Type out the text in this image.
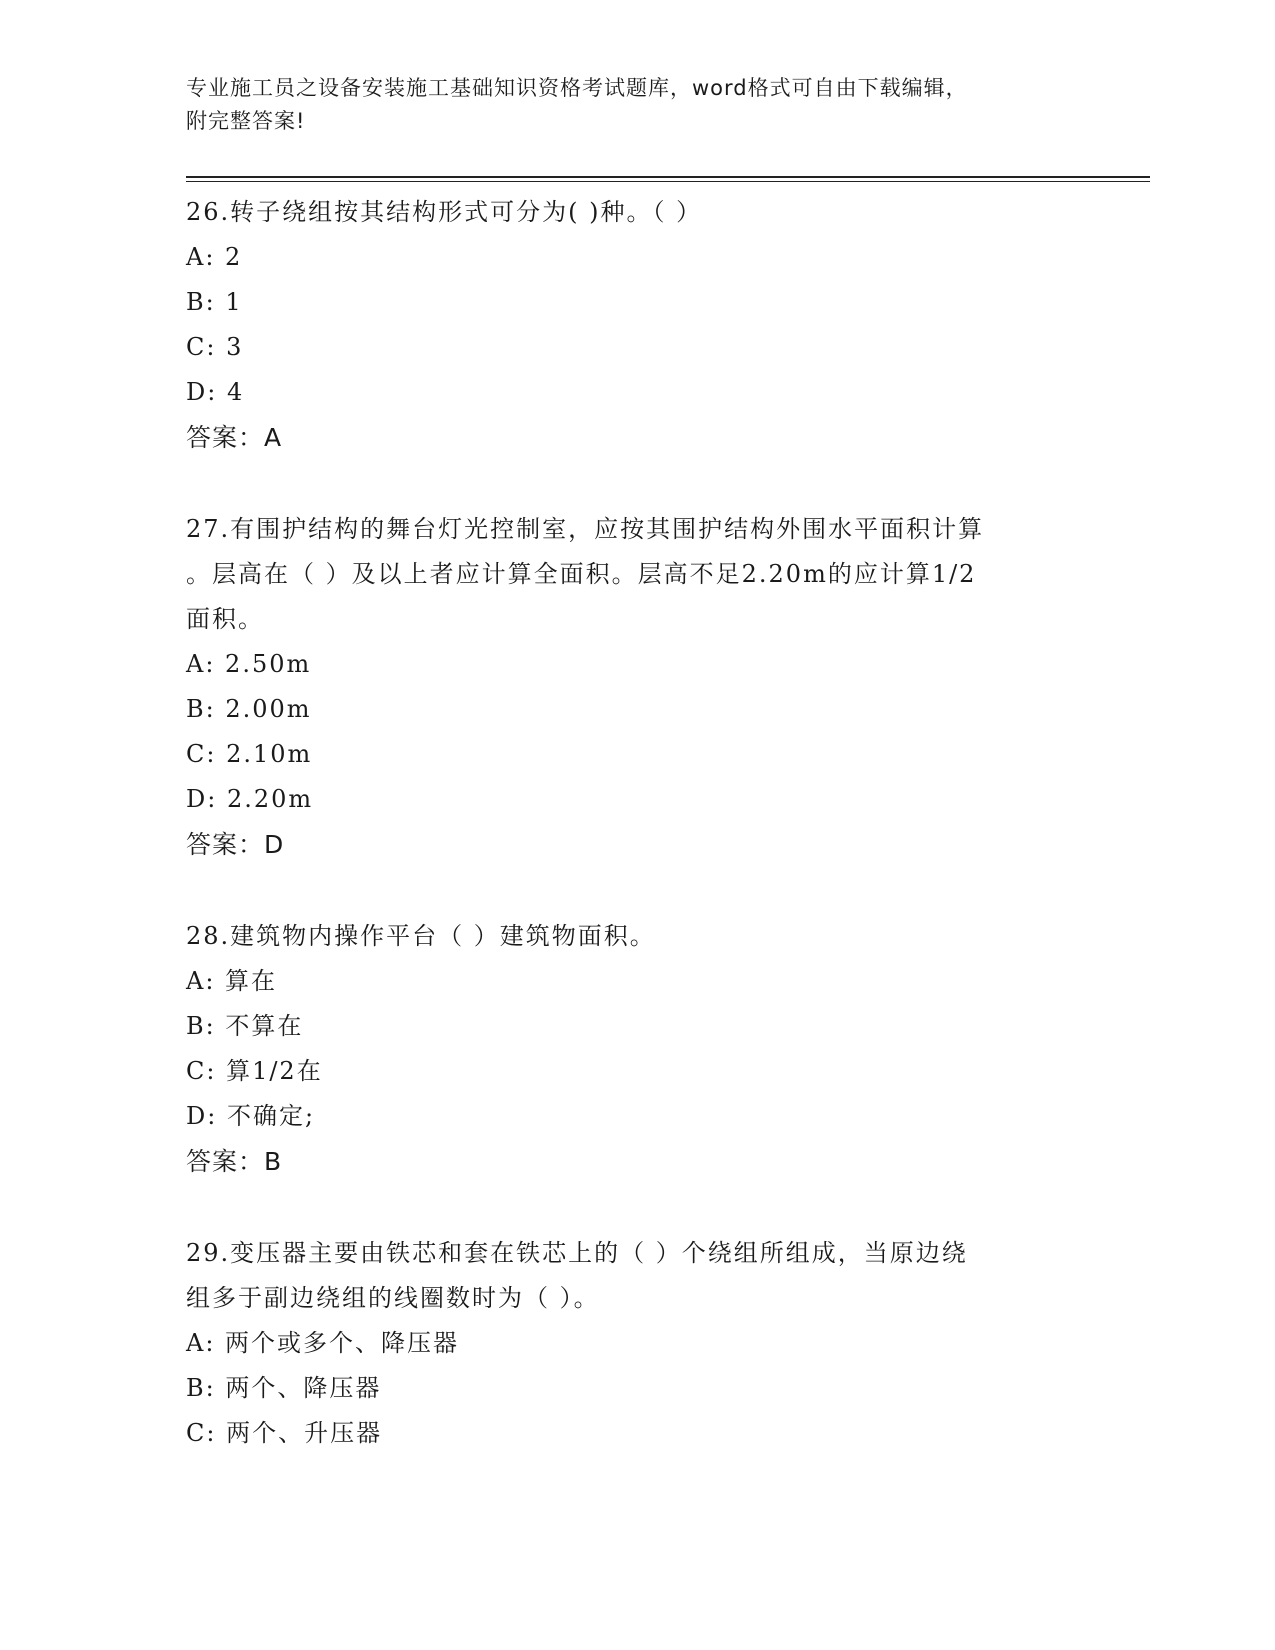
专业施工员之设备安装施工基础知识资格考试题库，word格式可自由下载编辑，
附完整答案!
26.转子绕组按其结构形式可分为( )种。（ ）
A: 2
B: 1
C: 3
D: 4
答案：A
27.有围护结构的舞台灯光控制室，应按其围护结构外围水平面积计算
。层高在（ ）及以上者应计算全面积。层高不足2.20m的应计算1/2
面积。
A: 2.50m
B: 2.00m
C: 2.10m
D: 2.20m
答案：D
28.建筑物内操作平台（ ）建筑物面积。
A: 算在
B: 不算在
C: 算1/2在
D: 不确定;
答案：B
29.变压器主要由铁芯和套在铁芯上的（ ）个绕组所组成，当原边绕
组多于副边绕组的线圈数时为（ ）。
A: 两个或多个、降压器
B: 两个、降压器
C: 两个、升压器
